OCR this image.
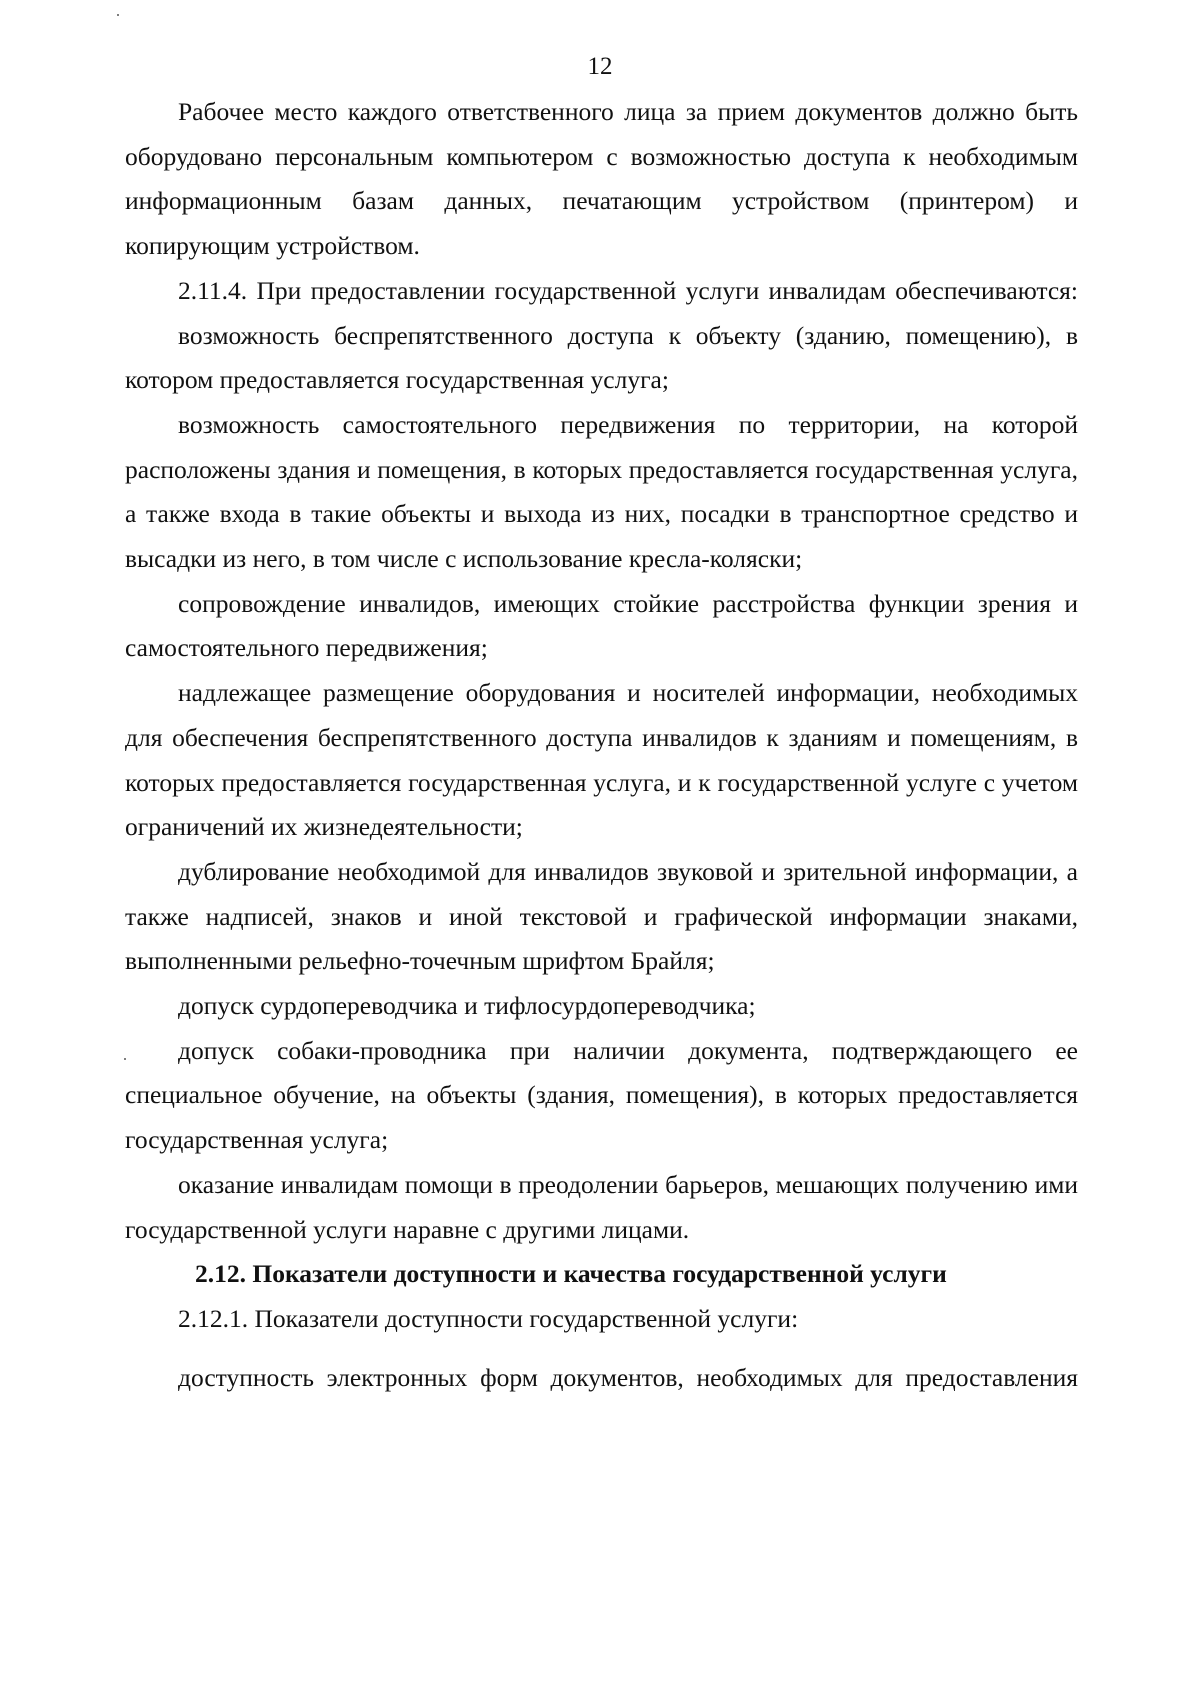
12

Рабочее место каждого ответственного лица за прием документов должно быть оборудовано персональным компьютером с возможностью доступа к необходимым информационным базам данных, печатающим устройством (принтером) и копирующим устройством.

2.11.4. При предоставлении государственной услуги инвалидам обеспечиваются:

возможность беспрепятственного доступа к объекту (зданию, помещению), в котором предоставляется государственная услуга;

возможность самостоятельного передвижения по территории, на которой расположены здания и помещения, в которых предоставляется государственная услуга, а также входа в такие объекты и выхода из них, посадки в транспортное средство и высадки из него, в том числе с использование кресла-коляски;

сопровождение инвалидов, имеющих стойкие расстройства функции зрения и самостоятельного передвижения;

надлежащее размещение оборудования и носителей информации, необходимых для обеспечения беспрепятственного доступа инвалидов к зданиям и помещениям, в которых предоставляется государственная услуга, и к государственной услуге с учетом ограничений их жизнедеятельности;

дублирование необходимой для инвалидов звуковой и зрительной информации, а также надписей, знаков и иной текстовой и графической информации знаками, выполненными рельефно-точечным шрифтом Брайля;

допуск сурдопереводчика и тифлосурдопереводчика;

допуск собаки-проводника при наличии документа, подтверждающего ее специальное обучение, на объекты (здания, помещения), в которых предоставляется государственная услуга;

оказание инвалидам помощи в преодолении барьеров, мешающих получению ими государственной услуги наравне с другими лицами.

2.12. Показатели доступности и качества государственной услуги

2.12.1. Показатели доступности государственной услуги:

доступность электронных форм документов, необходимых для предоставления
